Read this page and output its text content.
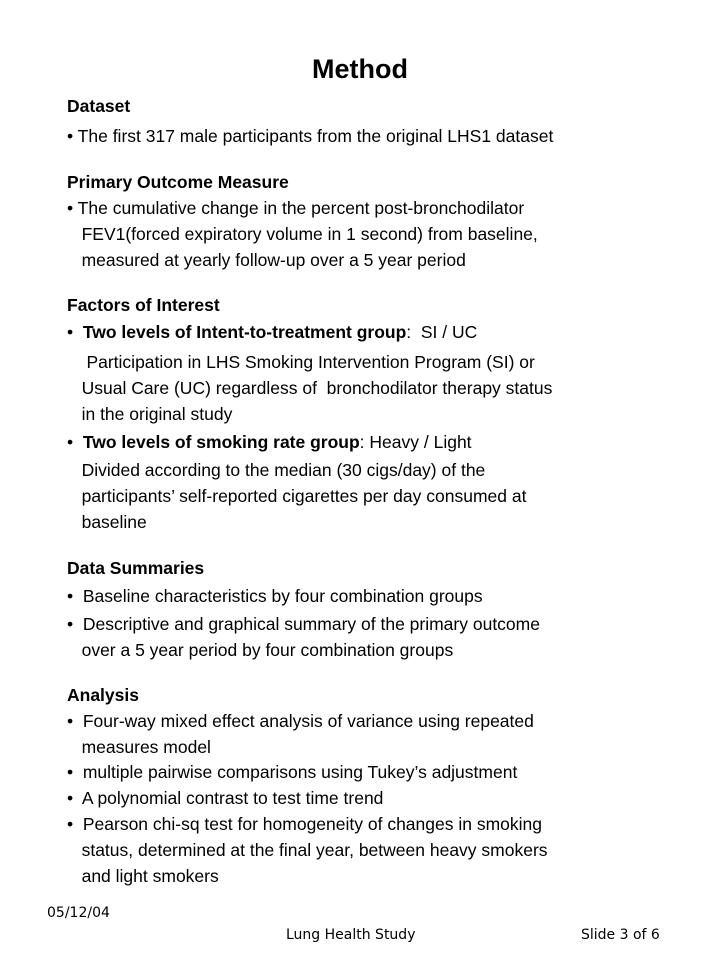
Method
Dataset
• The first 317 male participants from the original LHS1 dataset
Primary Outcome Measure
• The cumulative change in the percent post-bronchodilator
FEV1(forced expiratory volume in 1 second) from baseline,
measured at yearly follow-up over a 5 year period
Factors of Interest
•  Two levels of Intent-to-treatment group:  SI / UC
Participation in LHS Smoking Intervention Program (SI) or
Usual Care (UC) regardless of  bronchodilator therapy status
in the original study
•  Two levels of smoking rate group: Heavy / Light
Divided according to the median (30 cigs/day) of the
participants’ self-reported cigarettes per day consumed at
baseline
Data Summaries
•  Baseline characteristics by four combination groups
•  Descriptive and graphical summary of the primary outcome
over a 5 year period by four combination groups
Analysis
•  Four-way mixed effect analysis of variance using repeated
measures model
•  multiple pairwise comparisons using Tukey’s adjustment
•  A polynomial contrast to test time trend
•  Pearson chi-sq test for homogeneity of changes in smoking
status, determined at the final year, between heavy smokers
and light smokers
05/12/04
Lung Health Study	Slide 3 of 6
